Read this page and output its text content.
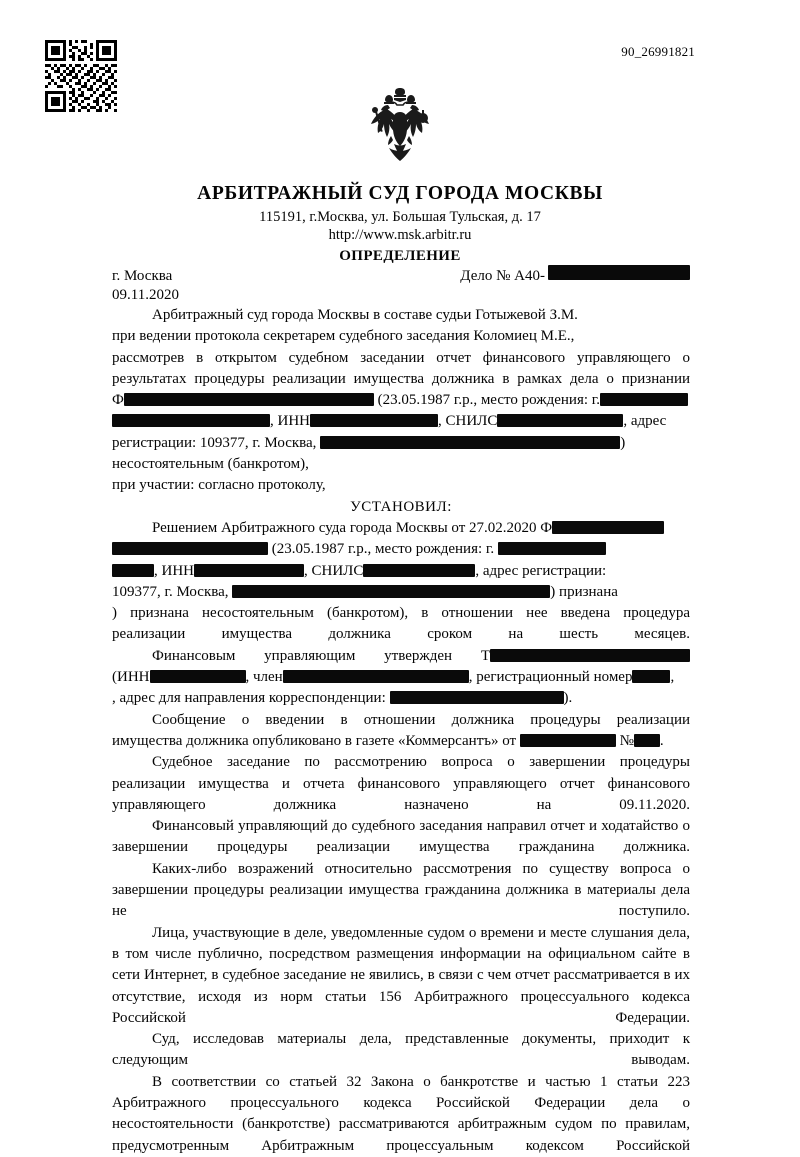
90_26991821
АРБИТРАЖНЫЙ СУД ГОРОДА МОСКВЫ
115191, г.Москва, ул. Большая Тульская, д. 17
http://www.msk.arbitr.ru
ОПРЕДЕЛЕНИЕ
г. Москва	Дело № А40-
09.11.2020

Арбитражный суд города Москвы в составе судьи Готыжевой З.М.

при ведении протокола секретарем судебного заседания Коломиец М.Е.,

рассмотрев в открытом судебном заседании отчет финансового управляющего о результатах процедуры реализации имущества должника в рамках дела о признании

Ф	(23.05.1987 г.р., место рождения: г.

, ИНН	, СНИЛС	, адрес

регистрации: 109377, г. Москва,	)

несостоятельным (банкротом),

при участии: согласно протоколу,

УСТАНОВИЛ:

Решением Арбитражного суда города Москвы от 27.02.2020 Ф

(23.05.1987 г.р., место рождения: г.

, ИНН	, СНИЛС	, адрес регистрации:

109377, г. Москва,	) признана

) признана несостоятельным (банкротом), в отношении нее введена процедура реализации имущества должника сроком на шесть месяцев.

Финансовым управляющим утвержден Т

(ИНН	, член	, регистрационный номер	,

, адрес для направления корреспонденции:	).

Сообщение о введении в отношении должника процедуры реализации

имущества должника опубликовано в газете «Коммерсантъ» от	№ .

Судебное заседание по рассмотрению вопроса о завершении процедуры реализации имущества и отчета финансового управляющего отчет финансового управляющего должника назначено на 09.11.2020.

Финансовый управляющий до судебного заседания направил отчет и ходатайство о завершении процедуры реализации имущества гражданина должника.

Каких-либо возражений относительно рассмотрения по существу вопроса о завершении процедуры реализации имущества гражданина должника в материалы дела не поступило.

Лица, участвующие в деле, уведомленные судом о времени и месте слушания дела, в том числе публично, посредством размещения информации на официальном сайте в сети Интернет, в судебное заседание не явились, в связи с чем отчет рассматривается в их отсутствие, исходя из норм статьи 156 Арбитражного процессуального кодекса Российской Федерации.

Суд, исследовав материалы дела, представленные документы, приходит к следующим выводам.

В соответствии со статьей 32 Закона о банкротстве и частью 1 статьи 223 Арбитражного процессуального кодекса Российской Федерации дела о несостоятельности (банкротстве) рассматриваются арбитражным судом по правилам, предусмотренным Арбитражным процессуальным кодексом Российской
